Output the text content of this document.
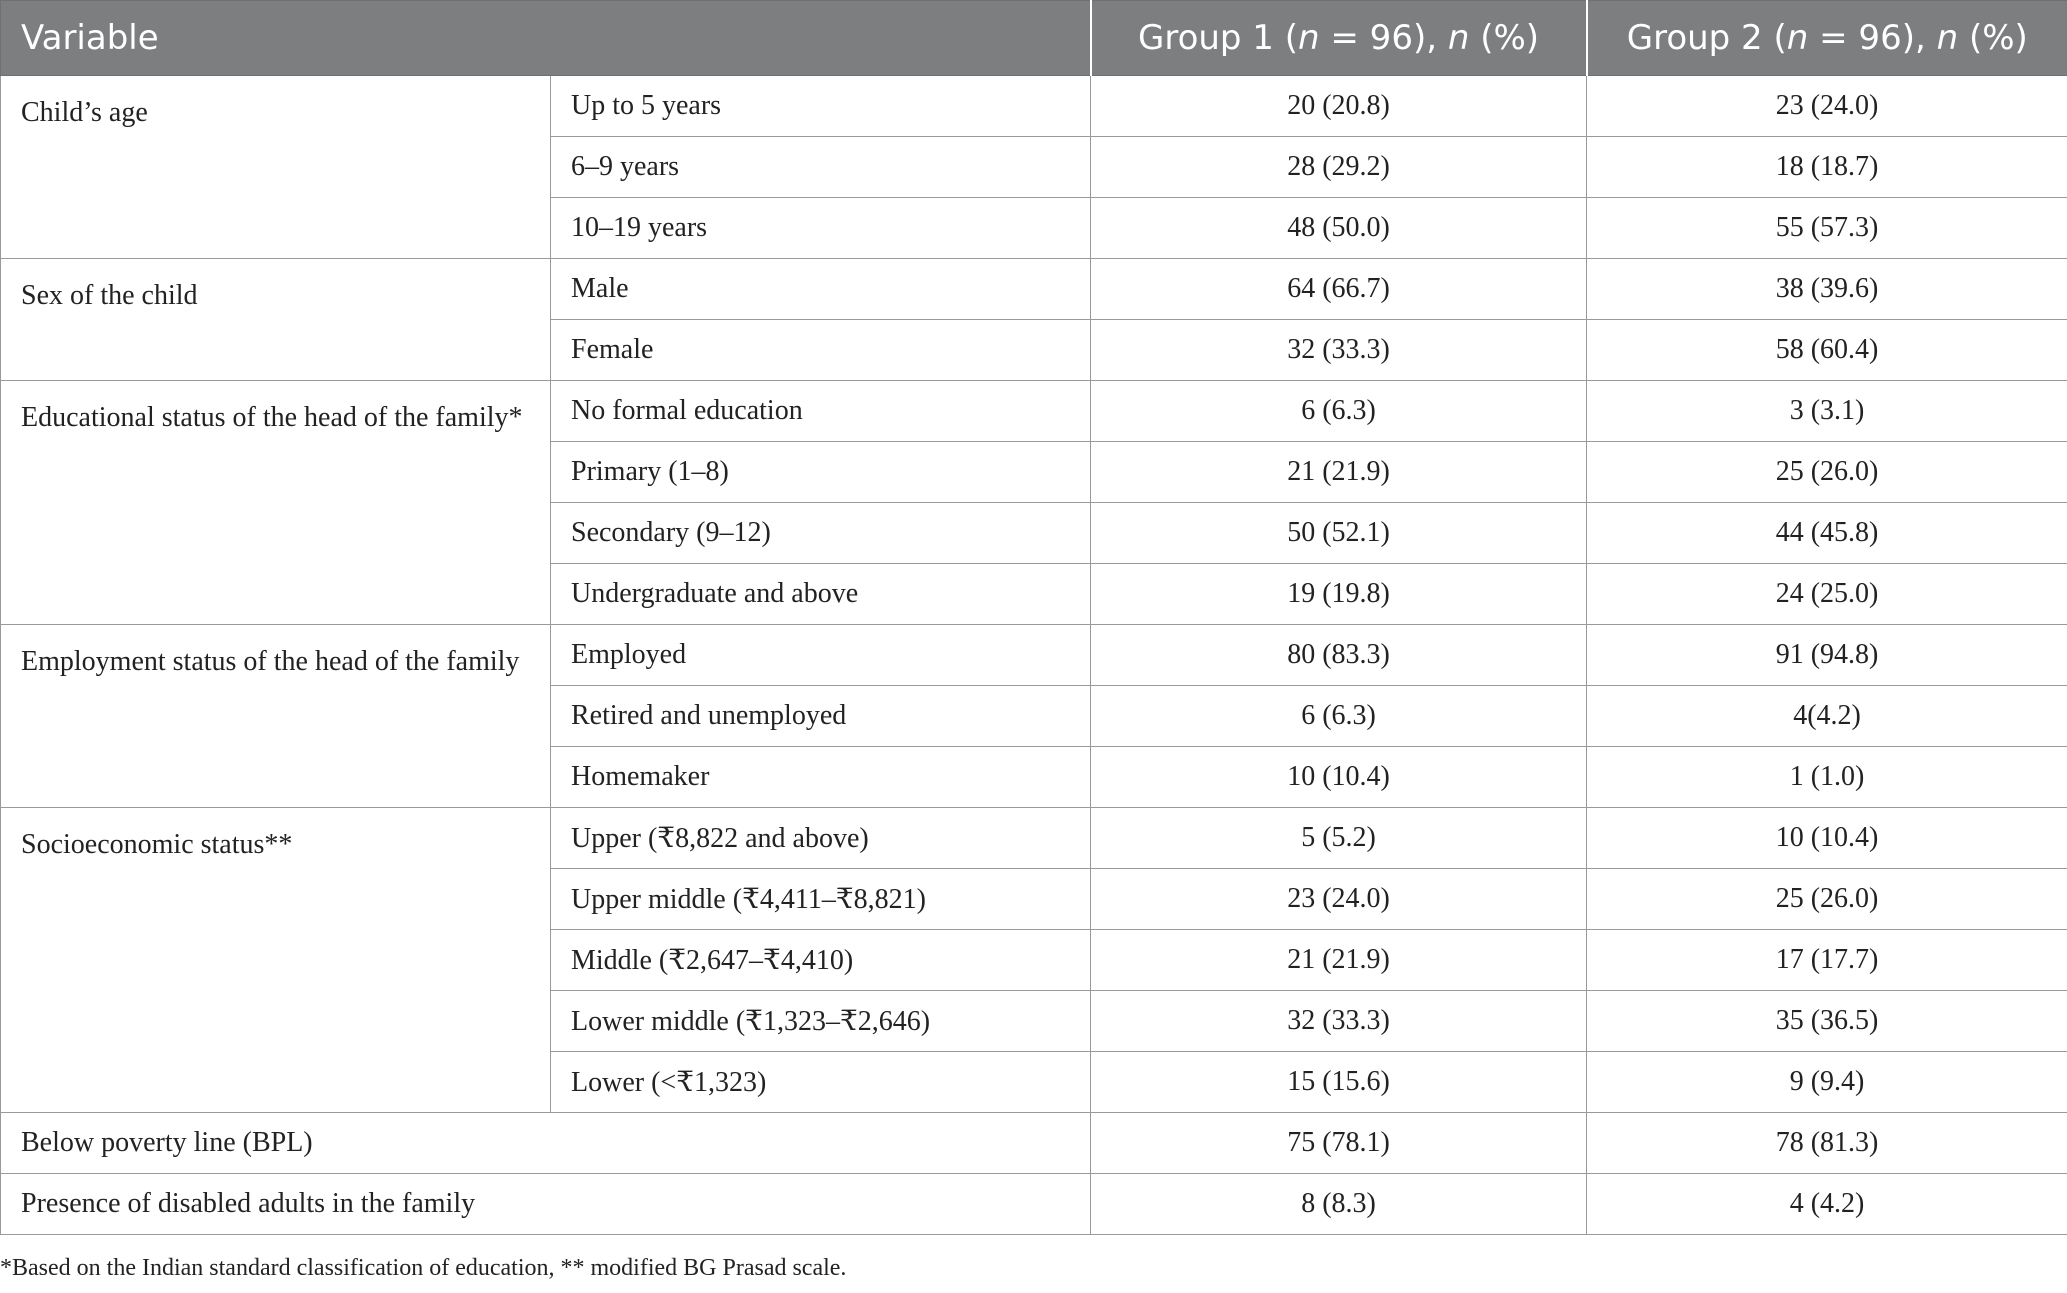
Variable		Group 1 (n = 96), n (%)	Group 2 (n = 96), n (%)

Child’s age	Up to 5 years	20 (20.8)	23 (24.0)
	6–9 years	28 (29.2)	18 (18.7)
	10–19 years	48 (50.0)	55 (57.3)

Sex of the child	Male	64 (66.7)	38 (39.6)
	Female	32 (33.3)	58 (60.4)

Educational status of the head of the family*	No formal education	6 (6.3)	3 (3.1)
	Primary (1–8)	21 (21.9)	25 (26.0)
	Secondary (9–12)	50 (52.1)	44 (45.8)
	Undergraduate and above	19 (19.8)	24 (25.0)

Employment status of the head of the family	Employed	80 (83.3)	91 (94.8)
	Retired and unemployed	6 (6.3)	4(4.2)
	Homemaker	10 (10.4)	1 (1.0)

Socioeconomic status**	Upper (₹8,822 and above)	5 (5.2)	10 (10.4)
	Upper middle (₹4,411–₹8,821)	23 (24.0)	25 (26.0)
	Middle (₹2,647–₹4,410)	21 (21.9)	17 (17.7)
	Lower middle (₹1,323–₹2,646)	32 (33.3)	35 (36.5)
	Lower (<₹1,323)	15 (15.6)	9 (9.4)
Below poverty line (BPL)		75 (78.1)	78 (81.3)
Presence of disabled adults in the family		8 (8.3)	4 (4.2)

*Based on the Indian standard classification of education, ** modified BG Prasad scale.
